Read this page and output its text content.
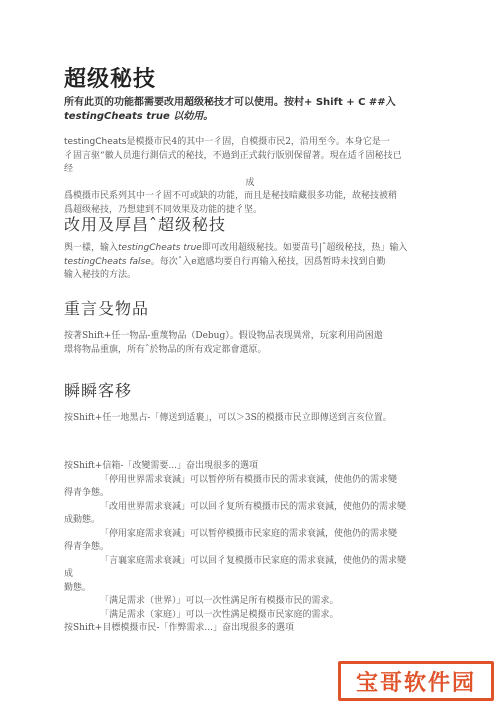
超级秘技
所有此页的功能都需要改用超级秘技才可以使用。按村+ Shift + C ##入
testingCheats true 以幼用。
testingCheats是模摄市民4的其中一彳固，自模摄市民2，沿用至今。本身它是一
彳固言驱“徽人员進行測信式的秘技，不過到正式载行版别保留著。現在适彳固秘技已
经
成
爲模摄市民系列其中一彳固不可或缺的功能，而且是秘技暗藏很多功能，故秘技被稍
爲超级秘技，乃想建到不同效果及功能的捷彳坚。
改用及厚昌ˆ超级秘技
舆一樣，输入testingCheats true即可改用超级秘技。如要苗号|ˆ超级秘技，热」输入
testingCheats false。每次ˆ入e遮感均要自行再输入秘技，因爲暂時未找到自勤
输入秘技的方法。
重言殳物品
按著Shift+任一物品-重蔑物品（Debug）。假设物品表现異常，玩家利用尚困遨
璟将物品重旗，所有ˆ於物品的所有戏定都會還原。
瞬瞬客移
按Shift+任一地黑占-「傳送到适裹」，可以＞3S的模摄市民立即傳送到言亥位置。
按Shift+信箱-「改變需要...」奋出現很多的選項

「停用世界需求衰減」可以暂停所有模摄市民的需求衰減，使他仍的需求變
得青争態。

「改用世界需求衰减」可以回彳复所有模摄市民的需求衰減，使他仍的需求變
成動態。

「停用家庭需求衰减」可以暂停模摄市民家庭的需求衰減，使他仍的需求變
得青争態。

「言襄家庭需求衰减」可以回彳复模摄市民家庭的需求衰減，使他仍的需求變
成
勤態。

「满足需求（世界）」可以一次性满足所有模摄市民的需求。
「满足需求（家庭）」可以一次性满足模摄市民家庭的需求。
按Shift+目標模摄市民-「作弊需求...」奋出現很多的選項
宝哥软件园
